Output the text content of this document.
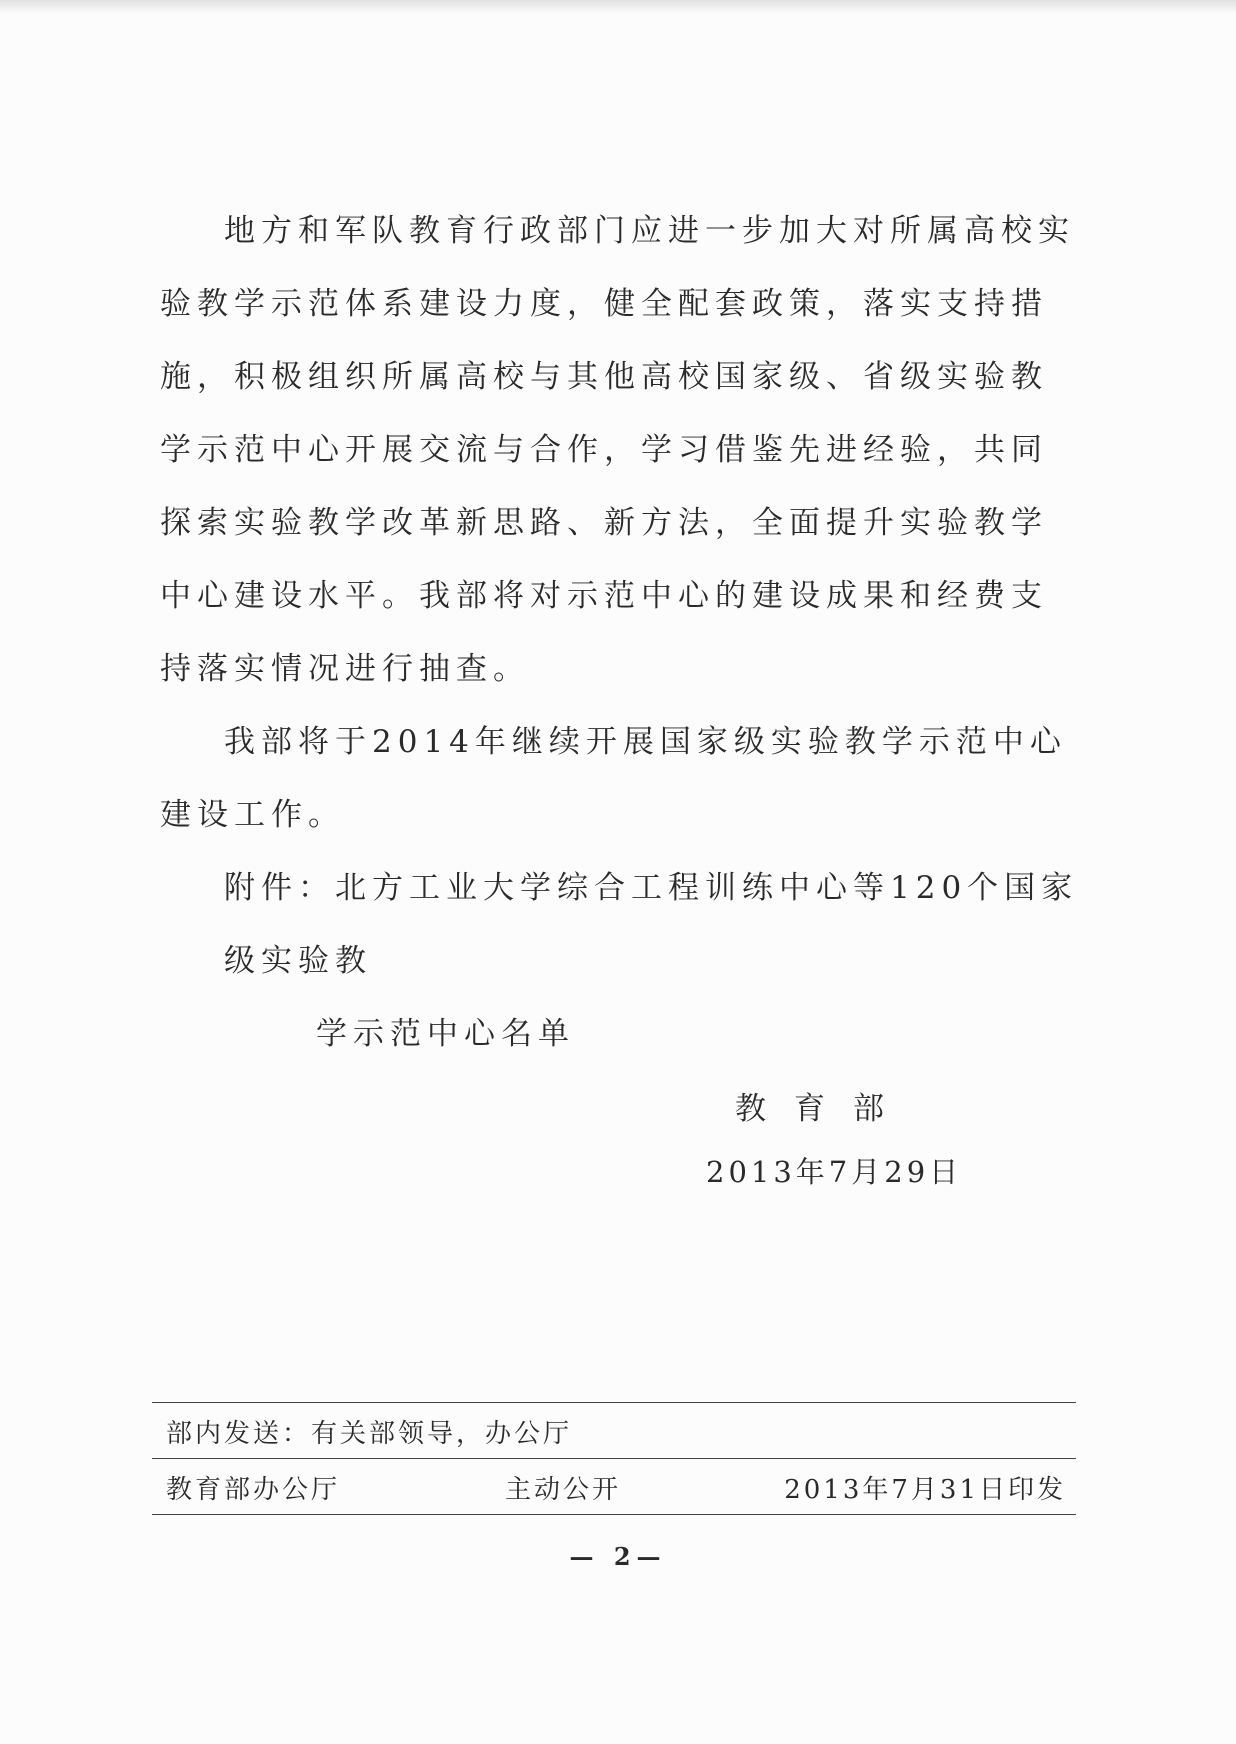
地方和军队教育行政部门应进一步加大对所属高校实验教学示范体系建设力度，健全配套政策，落实支持措施，积极组织所属高校与其他高校国家级、省级实验教学示范中心开展交流与合作，学习借鉴先进经验，共同探索实验教学改革新思路、新方法，全面提升实验教学中心建设水平。我部将对示范中心的建设成果和经费支持落实情况进行抽查。

我部将于2014年继续开展国家级实验教学示范中心建设工作。

附件：北方工业大学综合工程训练中心等120个国家级实验教
学示范中心名单

教育部
2013年7月29日
部内发送：有关部领导，办公厅
教育部办公厅	主动公开	2013年7月31日印发
— 2—
